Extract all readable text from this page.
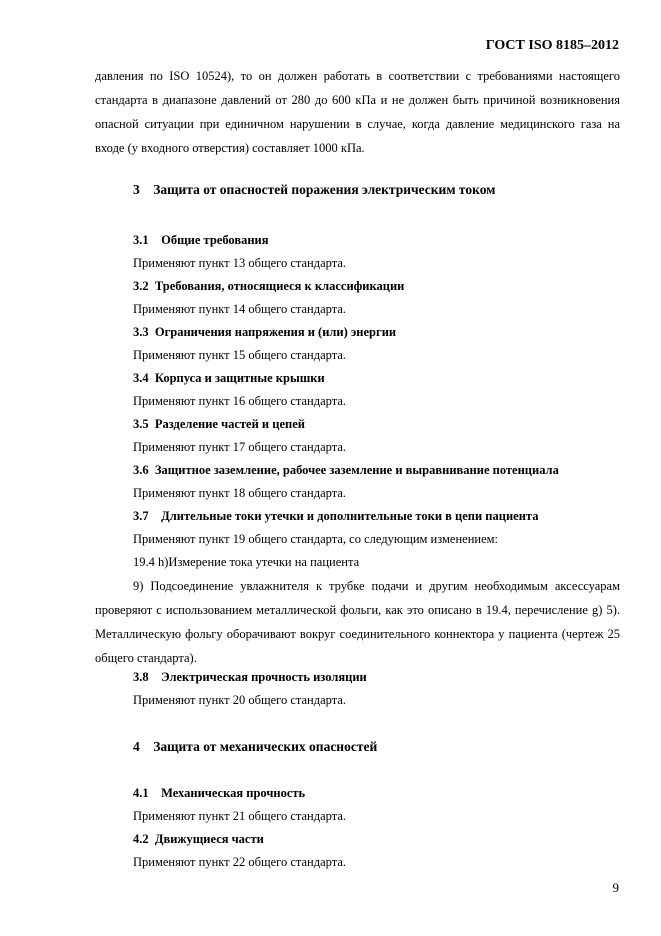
ГОСТ ISO 8185–2012
давления по ISO 10524), то он должен работать в соответствии с требованиями настоящего стандарта в диапазоне давлений от 280 до 600 кПа и не должен быть причиной возникновения опасной ситуации при единичном нарушении в случае, когда давление медицинского газа на входе (у входного отверстия) составляет 1000 кПа.
3 Защита от опасностей поражения электрическим током
3.1 Общие требования
Применяют пункт 13 общего стандарта.
3.2 Требования, относящиеся к классификации
Применяют пункт 14 общего стандарта.
3.3 Ограничения напряжения и (или) энергии
Применяют пункт 15 общего стандарта.
3.4 Корпуса и защитные крышки
Применяют пункт 16 общего стандарта.
3.5 Разделение частей и цепей
Применяют пункт 17 общего стандарта.
3.6 Защитное заземление, рабочее заземление и выравнивание потенциала
Применяют пункт 18 общего стандарта.
3.7 Длительные токи утечки и дополнительные токи в цепи пациента
Применяют пункт 19 общего стандарта, со следующим изменением:
19.4 h)Измерение тока утечки на пациента
9) Подсоединение увлажнителя к трубке подачи и другим необходимым аксессуарам проверяют с использованием металлической фольги, как это описано в 19.4, перечисление g) 5). Металлическую фольгу оборачивают вокруг соединительного коннектора у пациента (чертеж 25 общего стандарта).
3.8 Электрическая прочность изоляции
Применяют пункт 20 общего стандарта.
4 Защита от механических опасностей
4.1 Механическая прочность
Применяют пункт 21 общего стандарта.
4.2 Движущиеся части
Применяют пункт 22 общего стандарта.
9
